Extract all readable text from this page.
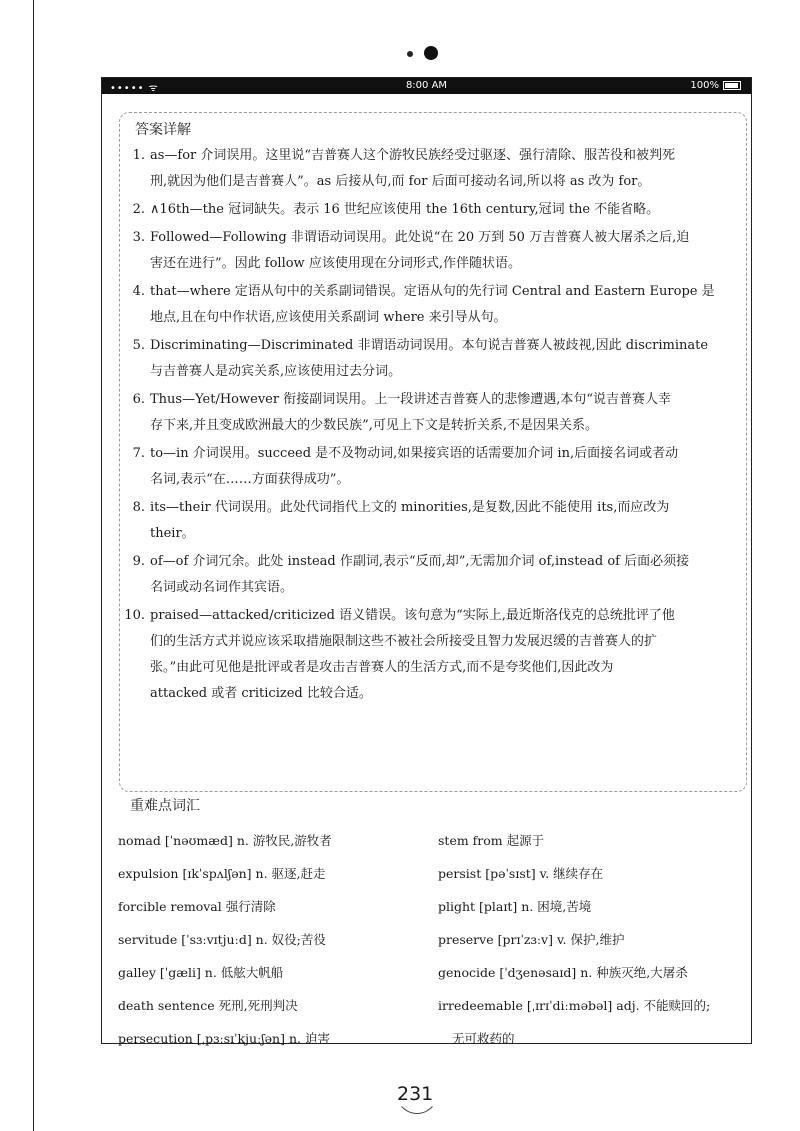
••••• ᯤ	8:00 AM	100%
答案详解
1. as—for 介词误用。这里说“吉普赛人这个游牧民族经受过驱逐、强行清除、服苦役和被判死
刑,就因为他们是吉普赛人”。as 后接从句,而 for 后面可接动名词,所以将 as 改为 for。
2. ∧16th—the 冠词缺失。表示 16 世纪应该使用 the 16th century,冠词 the 不能省略。
3. Followed—Following 非谓语动词误用。此处说“在 20 万到 50 万吉普赛人被大屠杀之后,迫
害还在进行”。因此 follow 应该使用现在分词形式,作伴随状语。
4. that—where 定语从句中的关系副词错误。定语从句的先行词 Central and Eastern Europe 是
地点,且在句中作状语,应该使用关系副词 where 来引导从句。
5. Discriminating—Discriminated 非谓语动词误用。本句说吉普赛人被歧视,因此 discriminate
与吉普赛人是动宾关系,应该使用过去分词。
6. Thus—Yet/However 衔接副词误用。上一段讲述吉普赛人的悲惨遭遇,本句“说吉普赛人幸
存下来,并且变成欧洲最大的少数民族”,可见上下文是转折关系,不是因果关系。
7. to—in 介词误用。succeed 是不及物动词,如果接宾语的话需要加介词 in,后面接名词或者动
名词,表示“在……方面获得成功”。
8. its—their 代词误用。此处代词指代上文的 minorities,是复数,因此不能使用 its,而应改为
their。
9. of—of 介词冗余。此处 instead 作副词,表示“反而,却”,无需加介词 of,instead of 后面必须接
名词或动名词作其宾语。
10. praised—attacked/criticized 语义错误。该句意为“实际上,最近斯洛伐克的总统批评了他
们的生活方式并说应该采取措施限制这些不被社会所接受且智力发展迟缓的吉普赛人的扩
张。”由此可见他是批评或者是攻击吉普赛人的生活方式,而不是夸奖他们,因此改为
attacked 或者 criticized 比较合适。
重难点词汇
nomad [ˈnəʊmæd] n. 游牧民,游牧者
expulsion [ɪkˈspʌlʃən] n. 驱逐,赶走
forcible removal 强行清除
servitude [ˈsɜːvɪtjuːd] n. 奴役;苦役
galley [ˈgæli] n. 低舷大帆船
death sentence 死刑,死刑判决
persecution [ˌpɜːsɪˈkjuːʃən] n. 迫害
stem from 起源于
persist [pəˈsɪst] v. 继续存在
plight [plaɪt] n. 困境,苦境
preserve [prɪˈzɜːv] v. 保护,维护
genocide [ˈdʒenəsaɪd] n. 种族灭绝,大屠杀
irredeemable [ˌɪrɪˈdiːməbəl] adj. 不能赎回的;
无可救药的
231
